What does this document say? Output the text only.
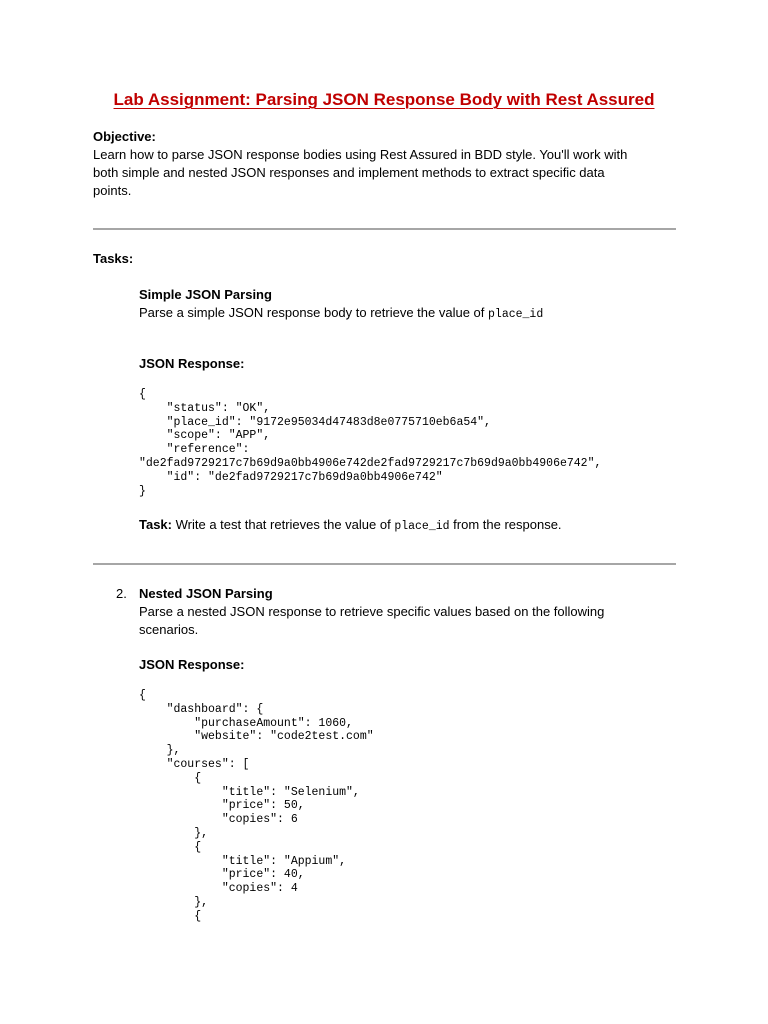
Lab Assignment: Parsing JSON Response Body with Rest Assured
Objective:
Learn how to parse JSON response bodies using Rest Assured in BDD style. You'll work with
both simple and nested JSON responses and implement methods to extract specific data
points.
Tasks:
Simple JSON Parsing
Parse a simple JSON response body to retrieve the value of place_id
JSON Response:
{
"status": "OK",
"place_id": "9172e95034d47483d8e0775710eb6a54",
"scope": "APP",
"reference":
"de2fad9729217c7b69d9a0bb4906e742de2fad9729217c7b69d9a0bb4906e742",
"id": "de2fad9729217c7b69d9a0bb4906e742"
}
Task: Write a test that retrieves the value of place_id from the response.
2. Nested JSON Parsing
Parse a nested JSON response to retrieve specific values based on the following
scenarios.
JSON Response:
{
"dashboard": {
"purchaseAmount": 1060,
"website": "code2test.com"
},
"courses": [
{
"title": "Selenium",
"price": 50,
"copies": 6
},
{
"title": "Appium",
"price": 40,
"copies": 4
},
{
